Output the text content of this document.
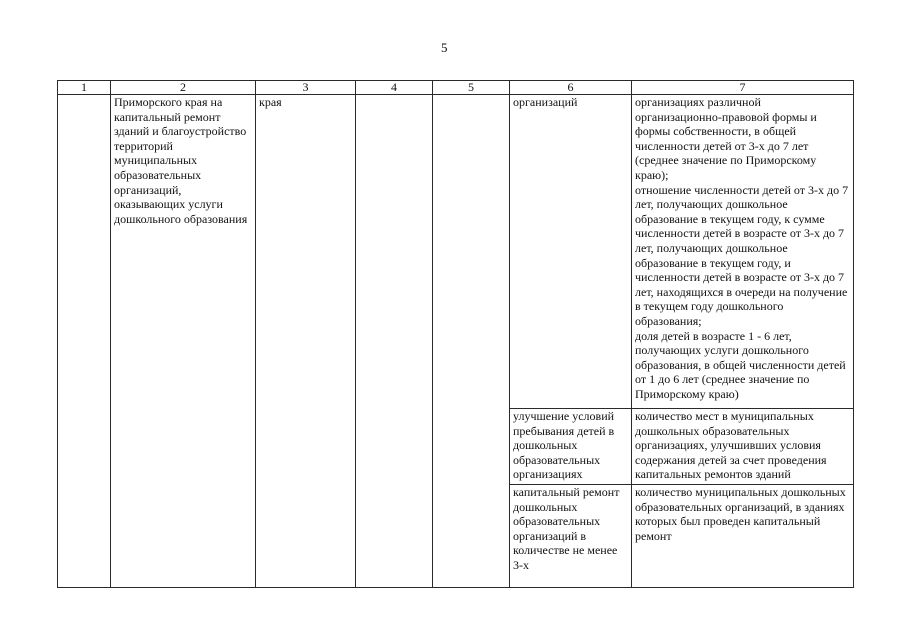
5
1	2	3	4	5	6	7
	Приморского края на капитальный ремонт зданий и благоустройство территорий муниципальных образовательных организаций, оказывающих услуги дошкольного образования	края			организаций	организациях различной организационно-правовой формы и формы собственности, в общей численности детей от 3-х до 7 лет (среднее значение по Приморскому краю);
отношение численности детей от 3-х до 7 лет, получающих дошкольное образование в текущем году, к сумме численности детей в возрасте от 3-х до 7 лет, получающих дошкольное образование в текущем году, и численности детей в возрасте от 3-х до 7 лет, находящихся в очереди на получение в текущем году дошкольного образования;
доля детей в возрасте 1 - 6 лет, получающих услуги дошкольного образования, в общей численности детей от 1 до 6 лет (среднее значение по Приморскому краю)

					улучшение условий пребывания детей в дошкольных образовательных организациях	количество мест в муниципальных дошкольных образовательных организациях, улучшивших условия содержания детей за счет проведения капитальных ремонтов зданий
					капитальный ремонт дошкольных образовательных организаций в количестве не менее 3-х	количество муниципальных дошкольных образовательных организаций, в зданиях которых был проведен капитальный ремонт
